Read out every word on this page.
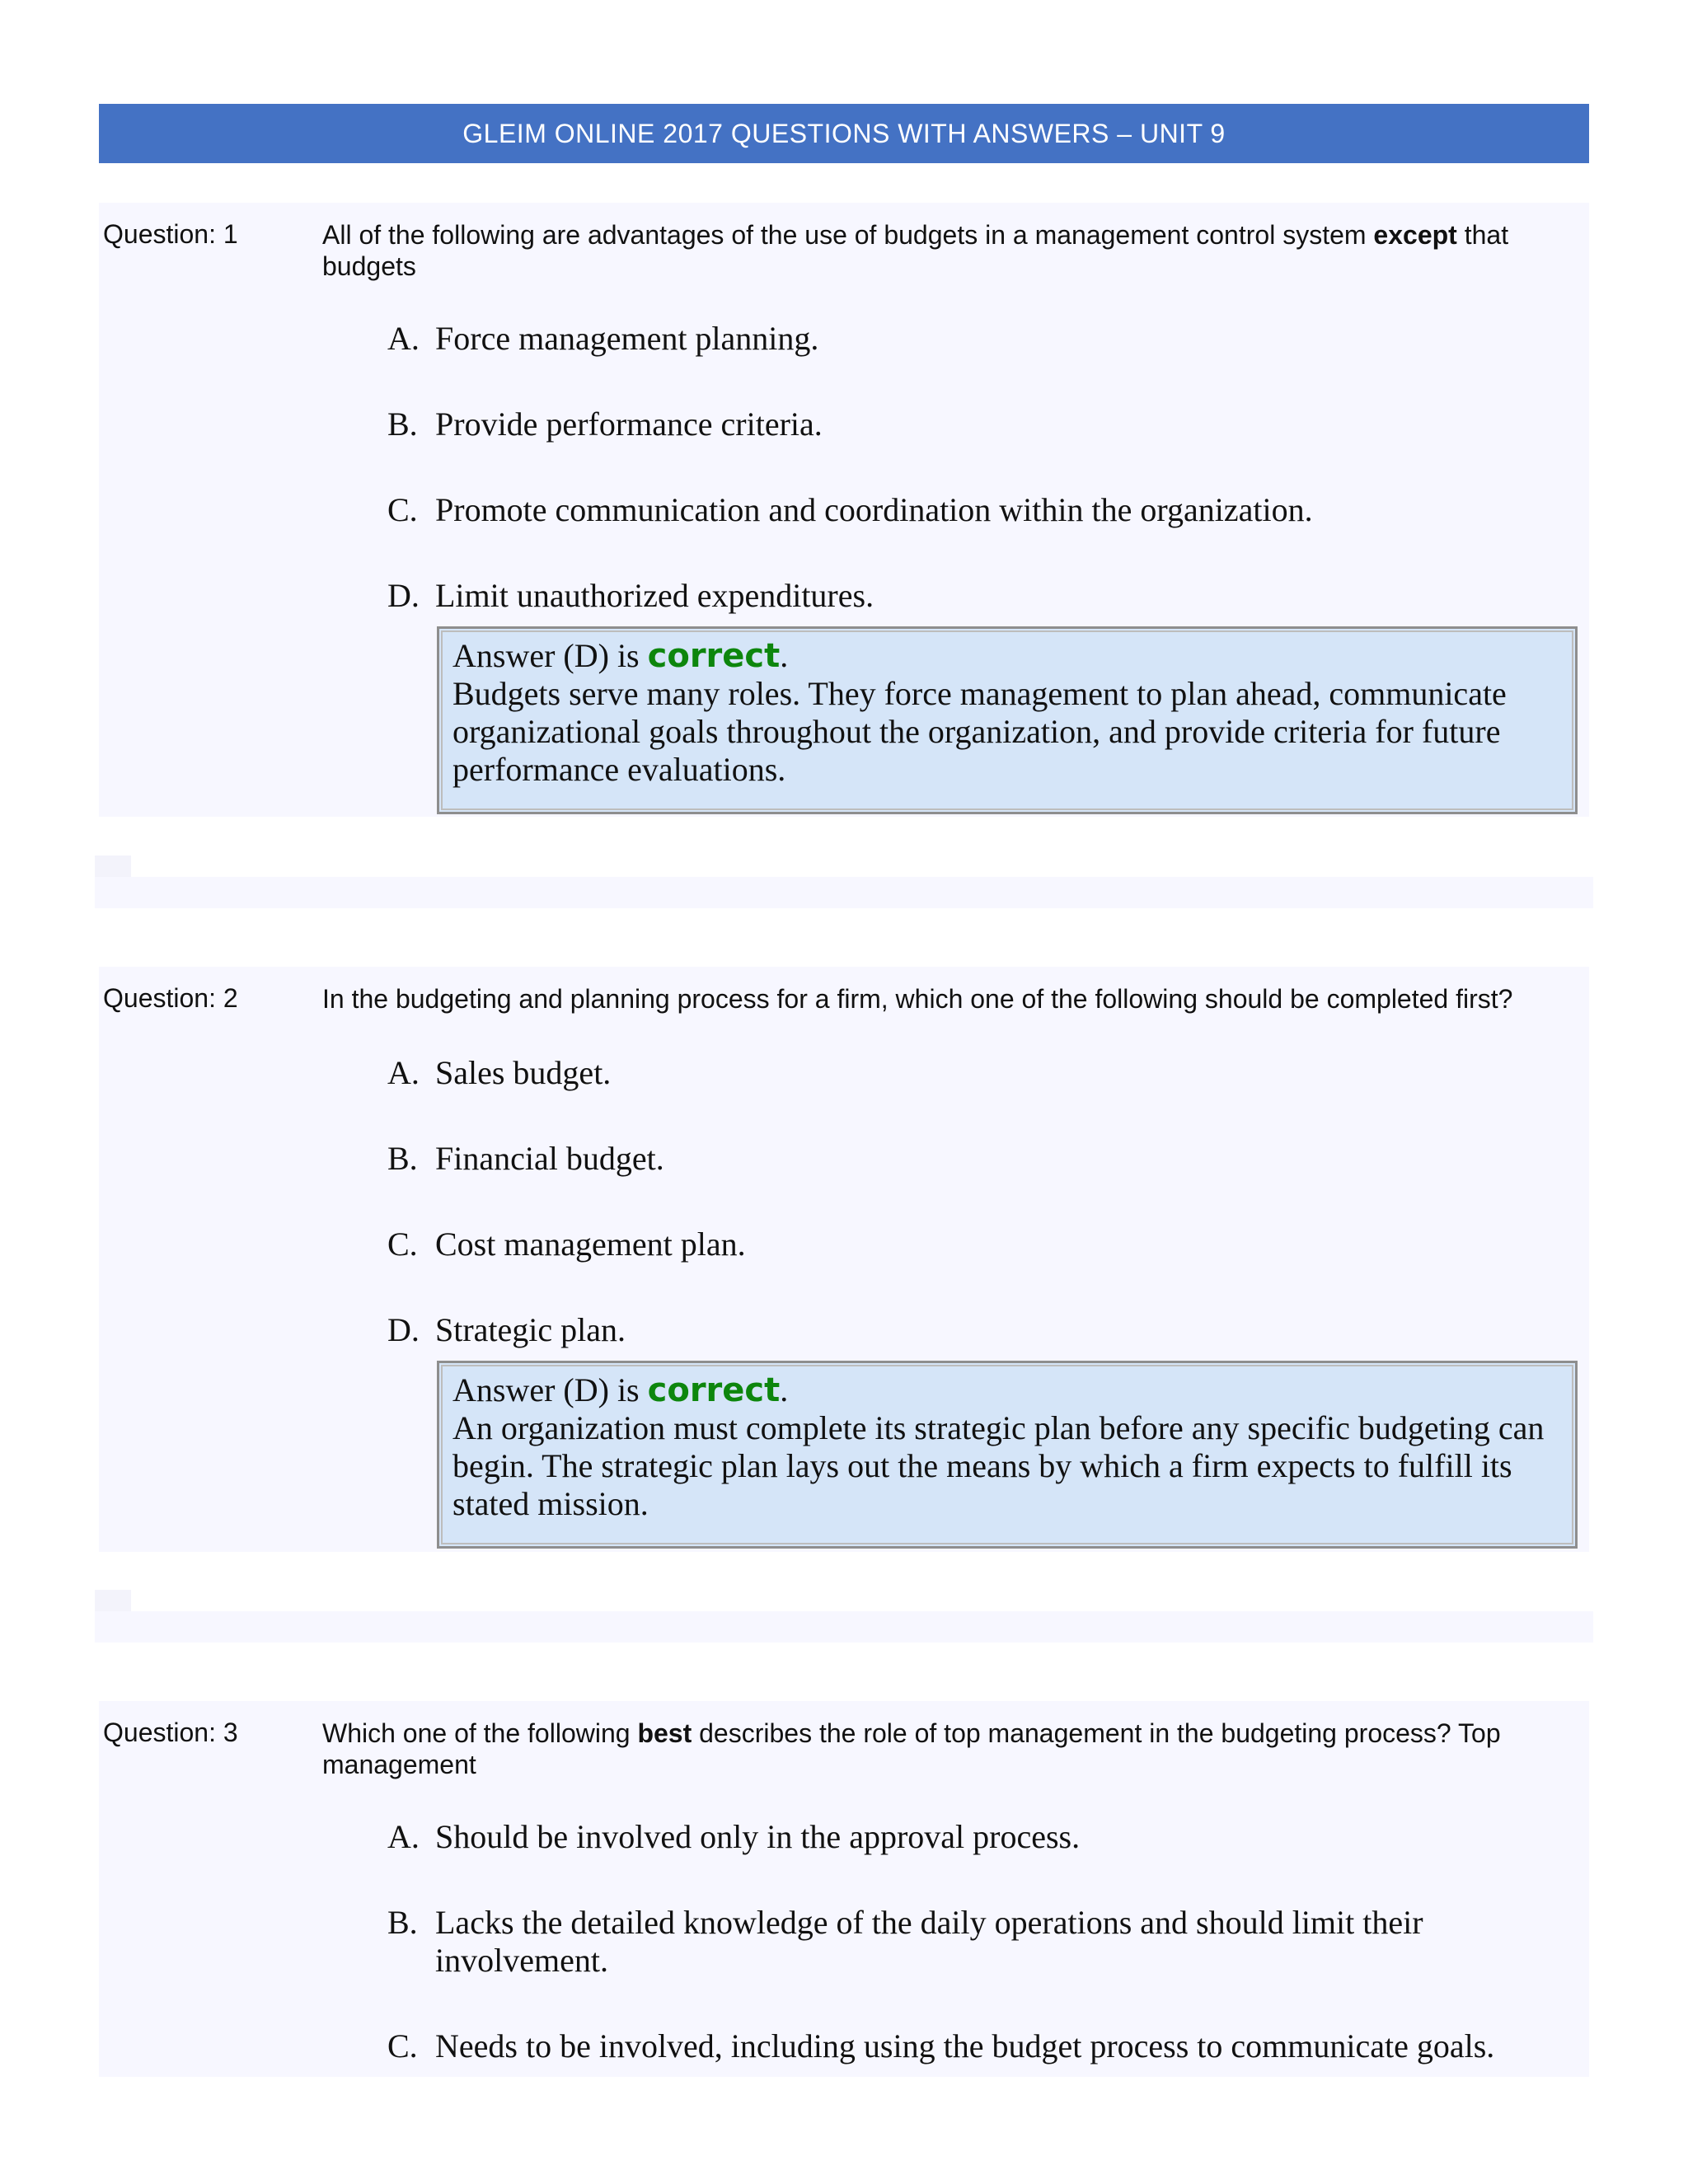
GLEIM ONLINE 2017 QUESTIONS WITH ANSWERS – UNIT 9
Question: 1	All of the following are advantages of the use of budgets in a management control system except that budgets
A. Force management planning.
B. Provide performance criteria.
C. Promote communication and coordination within the organization.
D. Limit unauthorized expenditures.
Answer (D) is correct.
Budgets serve many roles. They force management to plan ahead, communicate organizational goals throughout the organization, and provide criteria for future performance evaluations.
Question: 2	In the budgeting and planning process for a firm, which one of the following should be completed first?
A. Sales budget.
B. Financial budget.
C. Cost management plan.
D. Strategic plan.
Answer (D) is correct.
An organization must complete its strategic plan before any specific budgeting can begin. The strategic plan lays out the means by which a firm expects to fulfill its stated mission.
Question: 3	Which one of the following best describes the role of top management in the budgeting process? Top management
A. Should be involved only in the approval process.
B. Lacks the detailed knowledge of the daily operations and should limit their involvement.
C. Needs to be involved, including using the budget process to communicate goals.
